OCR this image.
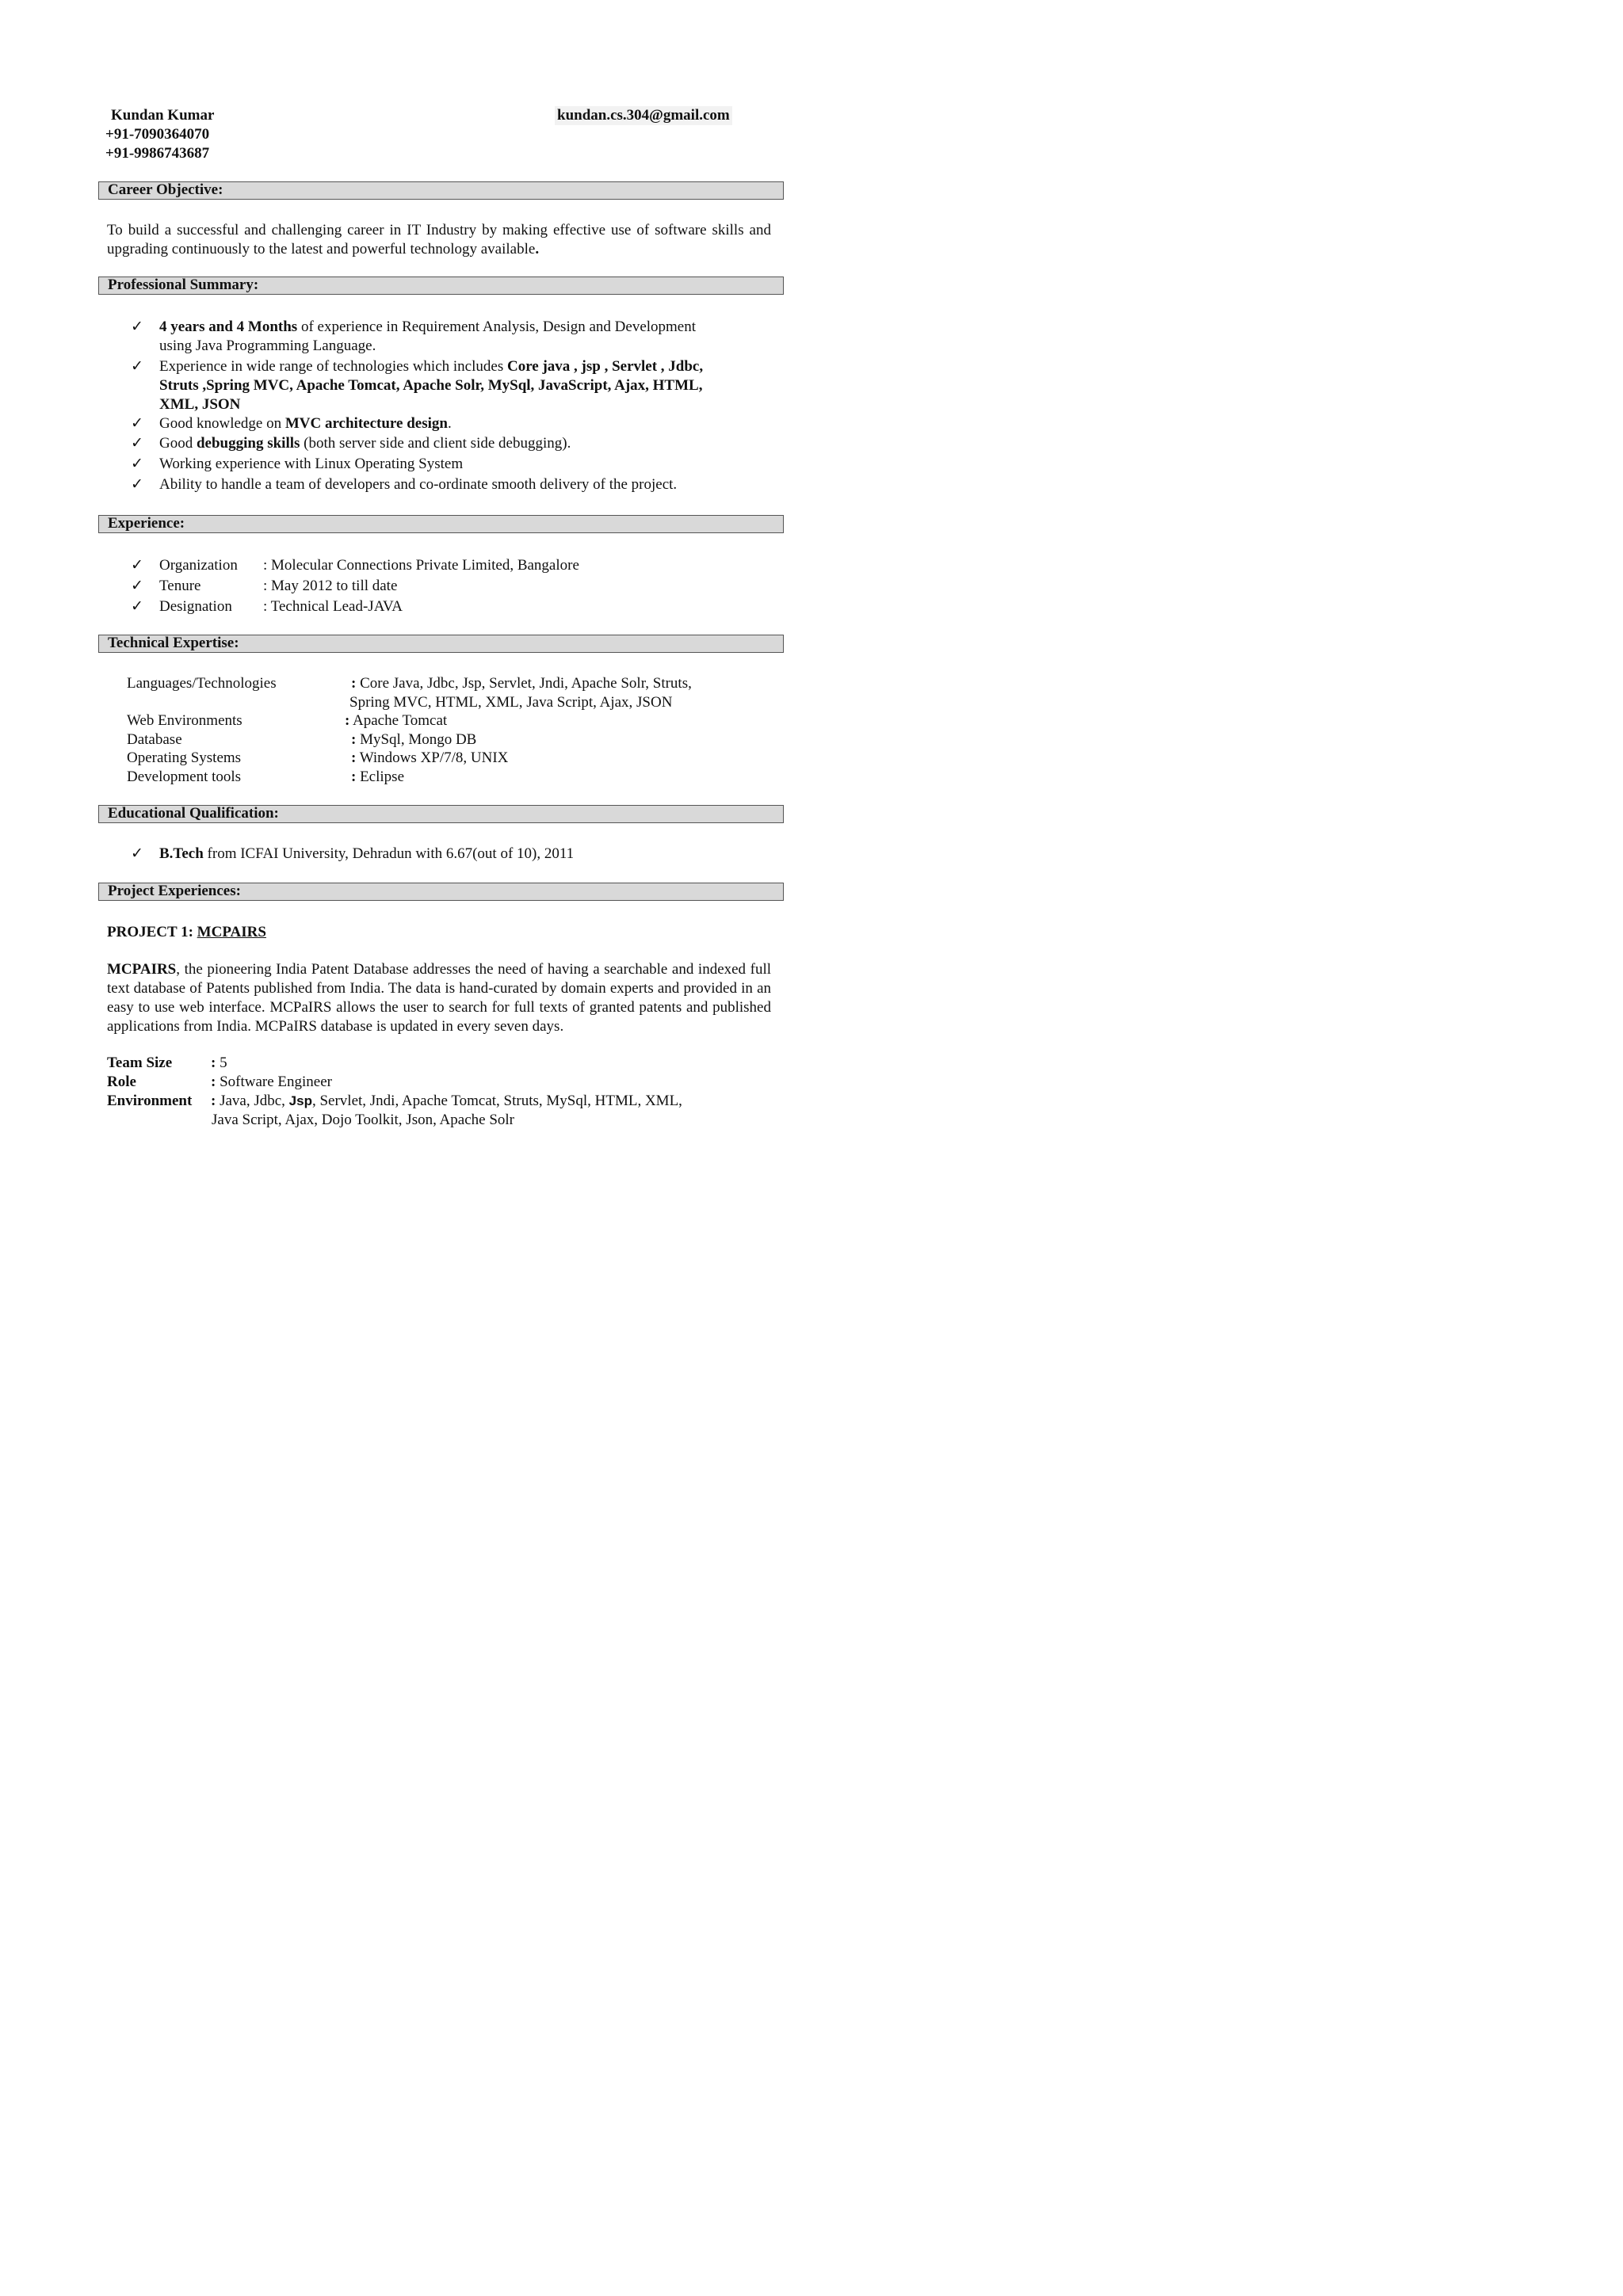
Kundan Kumar	kundan.cs.304@gmail.com
+91-7090364070
+91-9986743687
Career Objective:
To build a successful and challenging career in IT Industry by making effective use of software skills and upgrading continuously to the latest and powerful technology available.
Professional Summary:
✓ 4 years and 4 Months of experience in Requirement Analysis, Design and Development
using Java Programming Language.
✓ Experience in wide range of technologies which includes Core java , jsp , Servlet , Jdbc,
Struts ,Spring MVC, Apache Tomcat, Apache Solr, MySql, JavaScript, Ajax, HTML,
XML, JSON
✓ Good knowledge on MVC architecture design.
✓ Good debugging skills (both server side and client side debugging).
✓ Working experience with Linux Operating System
✓ Ability to handle a team of developers and co-ordinate smooth delivery of the project.
Experience:
✓ Organization : Molecular Connections Private Limited, Bangalore
✓ Tenure	: May 2012 to till date
✓ Designation : Technical Lead-JAVA
Technical Expertise:
Languages/Technologies	: Core Java, Jdbc, Jsp, Servlet, Jndi, Apache Solr, Struts,
Spring MVC, HTML, XML, Java Script, Ajax, JSON
Web Environments	: Apache Tomcat
Database	: MySql, Mongo DB
Operating Systems	: Windows XP/7/8, UNIX
Development tools	: Eclipse
Educational Qualification:
✓ B.Tech from ICFAI University, Dehradun with 6.67(out of 10), 2011
Project Experiences:
PROJECT 1: MCPAIRS
MCPAIRS, the pioneering India Patent Database addresses the need of having a searchable and indexed full text database of Patents published from India. The data is hand-curated by domain experts and provided in an easy to use web interface. MCPaIRS allows the user to search for full texts of granted patents and published applications from India. MCPaIRS database is updated in every seven days.
Team Size	: 5
Role	: Software Engineer
Environment : Java, Jdbc, Jsp, Servlet, Jndi, Apache Tomcat, Struts, MySql, HTML, XML,
Java Script, Ajax, Dojo Toolkit, Json, Apache Solr
